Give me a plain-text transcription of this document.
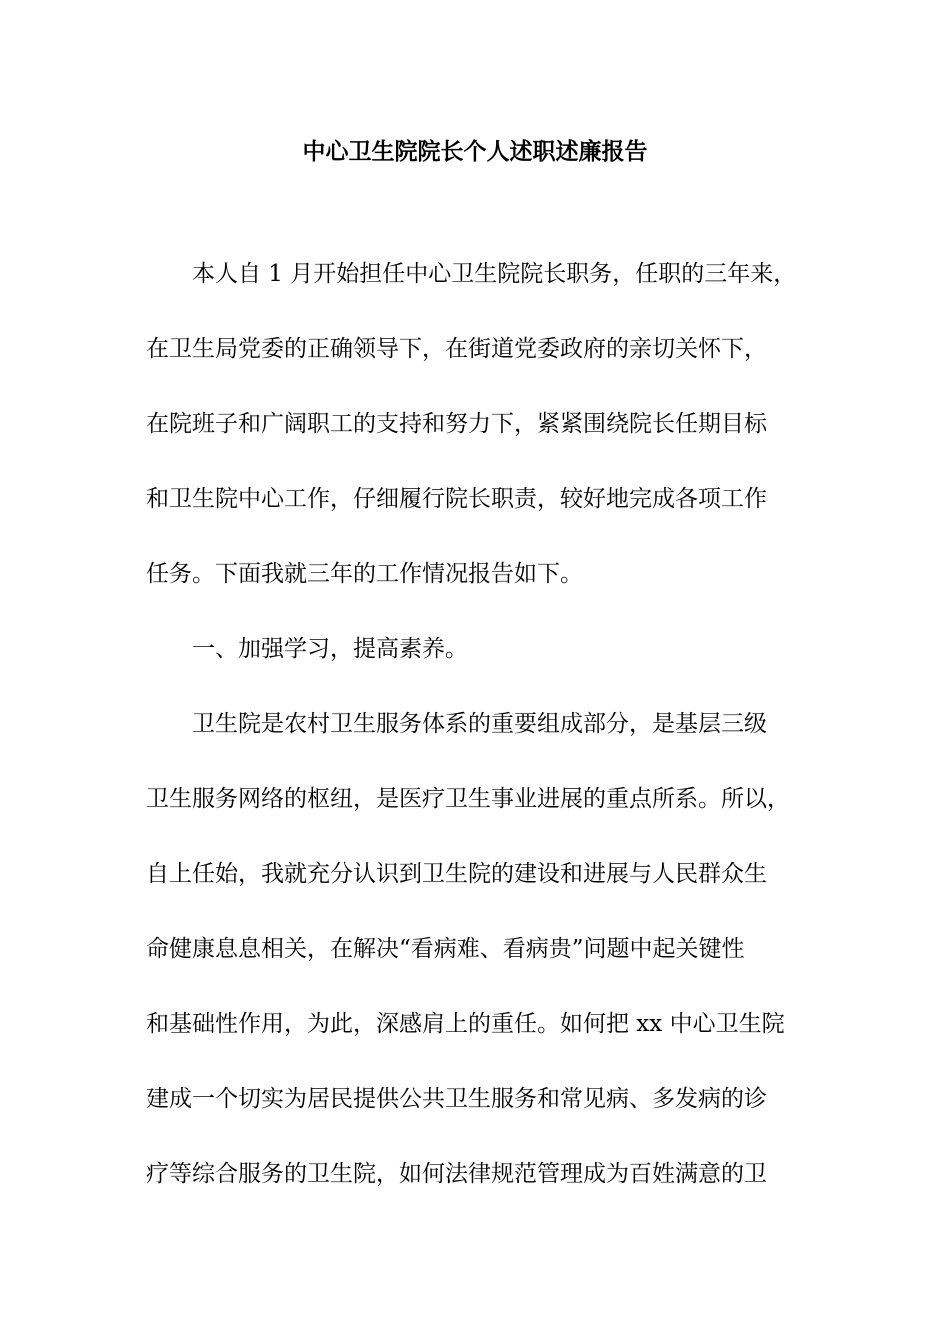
中心卫生院院长个人述职述廉报告
本人自 1 月开始担任中心卫生院院长职务，任职的三年来，
在卫生局党委的正确领导下，在街道党委政府的亲切关怀下，
在院班子和广阔职工的支持和努力下，紧紧围绕院长任期目标
和卫生院中心工作，仔细履行院长职责，较好地完成各项工作
任务。下面我就三年的工作情况报告如下。
一、加强学习，提高素养。
卫生院是农村卫生服务体系的重要组成部分，是基层三级
卫生服务网络的枢纽，是医疗卫生事业进展的重点所系。所以，
自上任始，我就充分认识到卫生院的建设和进展与人民群众生
命健康息息相关，在解决“看病难、看病贵”问题中起关键性
和基础性作用，为此，深感肩上的重任。如何把 xx 中心卫生院
建成一个切实为居民提供公共卫生服务和常见病、多发病的诊
疗等综合服务的卫生院，如何法律规范管理成为百姓满意的卫
